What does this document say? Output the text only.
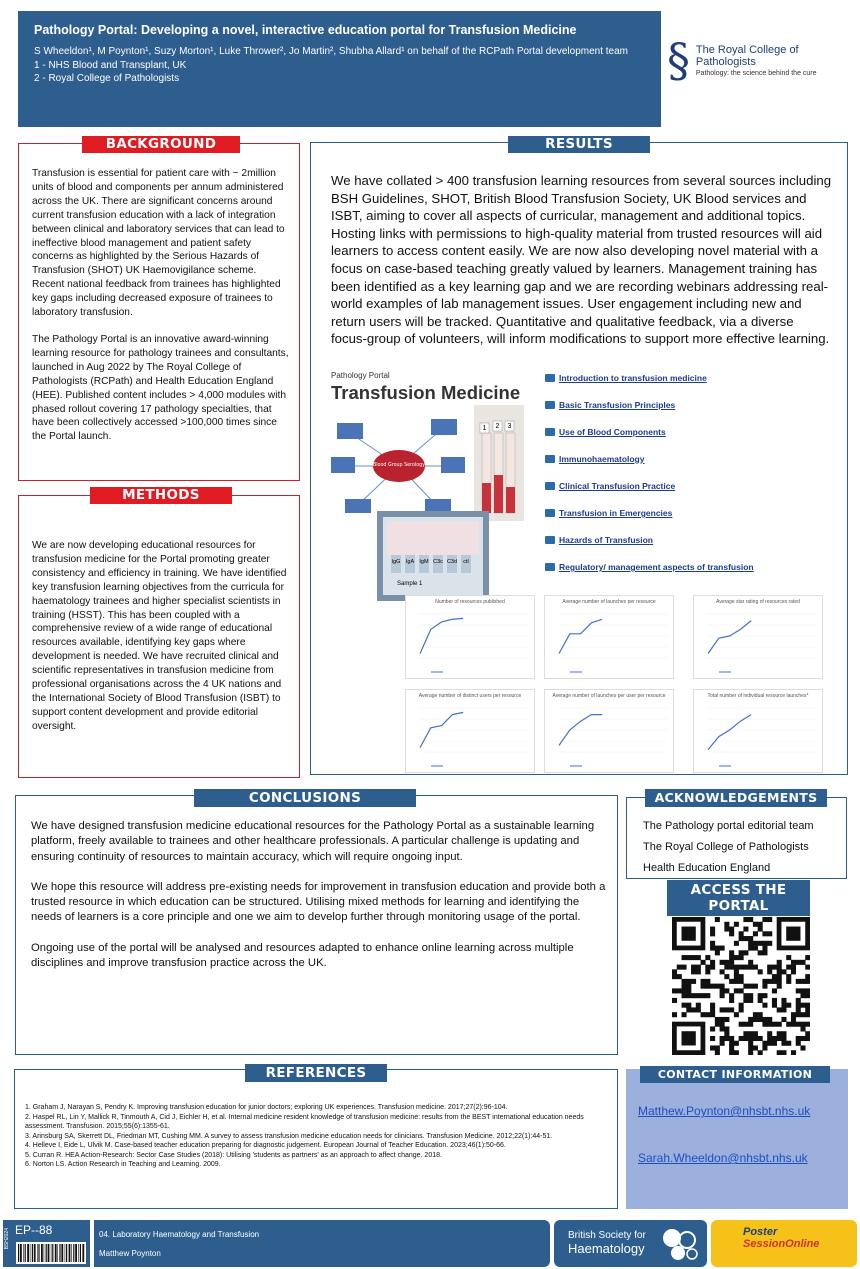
Pathology Portal: Developing a novel, interactive education portal for Transfusion Medicine

S Wheeldon¹, M Poynton¹, Suzy Morton¹, Luke Thrower², Jo Martin², Shubha Allard¹ on behalf of the RCPath Portal development team

1 - NHS Blood and Transplant, UK

2 - Royal College of Pathologists	§ The Royal College of Pathologists
Pathology: the science behind the cure

Transfusion is essential for patient care with ~ 2million units of blood and components per annum administered across the UK. There are significant concerns around current transfusion education with a lack of integration between clinical and laboratory services that can lead to ineffective blood management and patient safety concerns as highlighted by the Serious Hazards of Transfusion (SHOT) UK Haemovigilance scheme. Recent national feedback from trainees has highlighted key gaps including decreased exposure of trainees to laboratory transfusion.

The Pathology Portal is an innovative award-winning learning resource for pathology trainees and consultants, launched in Aug 2022 by The Royal College of Pathologists (RCPath) and Health Education England (HEE). Published content includes > 4,000 modules with phased rollout covering 17 pathology specialties, that have been collectively accessed >100,000 times since the Portal launch.

BACKGROUND

We are now developing educational resources for transfusion medicine for the Portal promoting greater consistency and efficiency in training. We have identified key transfusion learning objectives from the curricula for haematology trainees and higher specialist scientists in training (HSST). This has been coupled with a comprehensive review of a wide range of educational resources available, identifying key gaps where development is needed. We have recruited clinical and scientific representatives in transfusion medicine from professional organisations across the 4 UK nations and the International Society of Blood Transfusion (ISBT) to support content development and provide editorial oversight.

METHODS
We have collated > 400 transfusion learning resources from several sources including BSH Guidelines, SHOT, British Blood Transfusion Society, UK Blood services and ISBT, aiming to cover all aspects of curricular, management and additional topics. Hosting links with permissions to high-quality material from trusted resources will aid learners to access content easily. We are now also developing novel material with a focus on case-based teaching greatly valued by learners. Management training has been identified as a key learning gap and we are recording webinars addressing real-world examples of lab management issues. User engagement including new and return users will be tracked. Quantitative and qualitative feedback, via a diverse focus-group of volunteers, will inform modifications to support more effective learning.
Pathology Portal
Transfusion Medicine
Blood Group Serology
1 2 3
IgG IgA IgM C3c C3d ctl
Sample 1
Introduction to transfusion medicine
Basic Transfusion Principles
Use of Blood Components
Immunohaematology
Clinical Transfusion Practice
Transfusion in Emergencies
Hazards of Transfusion
Regulatory/ management aspects of transfusion
Number of resources published	Average number of launches per resource	Average star rating of resources rated
Average number of distinct users per resource	Average number of launches per user per resource	Total number of individual resource launches*
RESULTS

We have designed transfusion medicine educational resources for the Pathology Portal as a sustainable learning platform, freely available to trainees and other healthcare professionals. A particular challenge is updating and ensuring continuity of resources to maintain accuracy, which will require ongoing input.

We hope this resource will address pre-existing needs for improvement in transfusion education and provide both a trusted resource in which education can be structured. Utilising mixed methods for learning and identifying the needs of learners is a core principle and one we aim to develop further through monitoring usage of the portal.

Ongoing use of the portal will be analysed and resources adapted to enhance online learning across multiple disciplines and improve transfusion practice across the UK.

CONCLUSIONS

The Pathology portal editorial team

The Royal College of Pathologists

Health Education England

ACKNOWLEDGEMENTS
ACCESS THE PORTAL
1. Graham J, Narayan S, Pendry K. Improving transfusion education for junior doctors; exploring UK experiences. Transfusion medicine. 2017;27(2):96-104.
2. Haspel RL, Lin Y, Mallick R, Tinmouth A, Cid J, Eichler H, et al. Internal medicine resident knowledge of transfusion medicine: results from the BEST international education needs assessment. Transfusion. 2015;55(6):1355-61.
3. Arinsburg SA, Skerrett DL, Friedman MT, Cushing MM. A survey to assess transfusion medicine education needs for clinicians. Transfusion Medicine. 2012;22(1):44-51.
4. Helleve I, Eide L, Ulvik M. Case-based teacher education preparing for diagnostic judgement. European Journal of Teacher Education. 2023;46(1):50-66.
5. Curran R. HEA Action-Research: Sector Case Studies (2018): Utilising 'students as partners' as an approach to affect change. 2018.
6. Norton LS. Action Research in Teaching and Learning. 2009.
REFERENCES
Matthew.Poynton@nhsbt.nhs.uk
Sarah.Wheeldon@nhsbt.nhs.uk
CONTACT INFORMATION
EP--88
BSH2024	04. Laboratory Haematology and Transfusion
Matthew Poynton
British Society for
Haematology
Poster
SessionOnline
